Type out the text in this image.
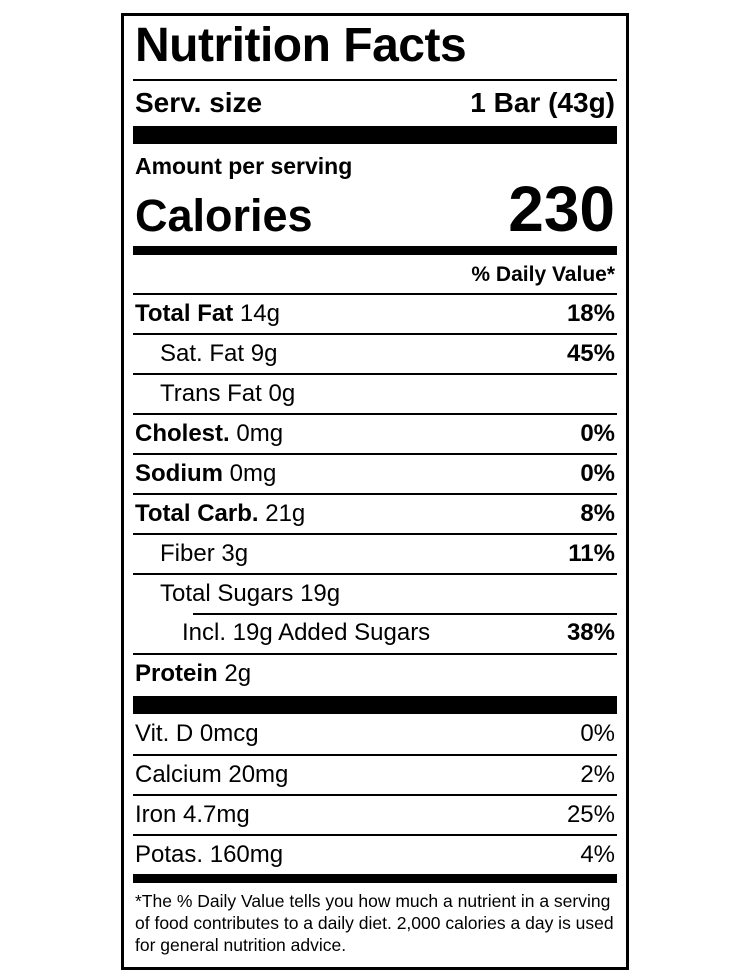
Nutrition Facts
Serv. size	1 Bar (43g)
Amount per serving
Calories	230
% Daily Value*
Total Fat 14g	18%
Sat. Fat 9g	45%
Trans Fat 0g
Cholest. 0mg	0%
Sodium 0mg	0%
Total Carb. 21g	8%
Fiber 3g	11%
Total Sugars 19g
Incl. 19g Added Sugars	38%
Protein 2g
Vit. D 0mcg	0%
Calcium 20mg	2%
Iron 4.7mg	25%
Potas. 160mg	4%
*The % Daily Value tells you how much a nutrient in a serving of food contributes to a daily diet. 2,000 calories a day is used for general nutrition advice.
